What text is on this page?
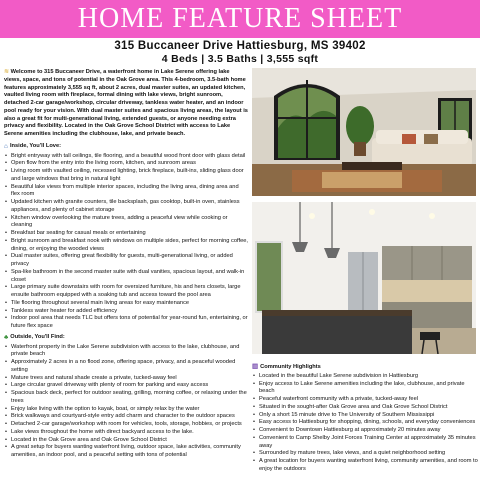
HOME FEATURE SHEET
315 Buccaneer Drive Hattiesburg, MS 39402
4 Beds | 3.5 Baths | 3,555 sqft

≋ Welcome to 315 Buccaneer Drive, a waterfront home in Lake Serene offering lake views, space, and tons of potential in the Oak Grove area. This 4-bedroom, 3.5-bath home features approximately 3,555 sq ft, about 2 acres, dual master suites, an updated kitchen, vaulted living room with fireplace, formal dining with lake views, bright sunroom, detached 2-car garage/workshop, circular driveway, tankless water heater, and an indoor pool ready for your vision. With dual master suites and spacious living areas, the layout is also a great fit for multi-generational living, extended guests, or anyone needing extra privacy and flexibility. Located in the Oak Grove School District with access to Lake Serene amenities including the clubhouse, lake, and private beach.

⌂ Inside, You'll Love:
• Bright entryway with tall ceilings, tile flooring, and a beautiful wood front door with glass detail
• Open flow from the entry into the living room, kitchen, and sunroom areas
• Living room with vaulted ceiling, recessed lighting, brick fireplace, built-ins, sliding glass door and large windows that bring in natural light
• Beautiful lake views from multiple interior spaces, including the living area, dining area and flex room
• Updated kitchen with granite counters, tile backsplash, gas cooktop, built-in oven, stainless appliances, and plenty of cabinet storage
• Kitchen window overlooking the mature trees, adding a peaceful view while cooking or cleaning
• Breakfast bar seating for casual meals or entertaining
• Bright sunroom and breakfast nook with windows on multiple sides, perfect for morning coffee, dining, or enjoying the wooded views
• Dual master suites, offering great flexibility for guests, multi-generational living, or added privacy
• Spa-like bathroom in the second master suite with dual vanities, spacious layout, and walk-in closet
• Large primary suite downstairs with room for oversized furniture, his and hers closets, large ensuite bathroom equipped with a soaking tub and access toward the pool area
• Tile flooring throughout several main living areas for easy maintenance
• Tankless water heater for added efficiency
• Indoor pool area that needs TLC but offers tons of potential for year-round fun, entertaining, or future flex space
♣ Outside, You'll Find:
• Waterfront property in the Lake Serene subdivision with access to the lake, clubhouse, and private beach
• Approximately 2 acres in a no flood zone, offering space, privacy, and a peaceful wooded setting
• Mature trees and natural shade create a private, tucked-away feel
• Large circular gravel driveway with plenty of room for parking and easy access
• Spacious back deck, perfect for outdoor seating, grilling, morning coffee, or relaxing under the trees
• Enjoy lake living with the option to kayak, boat, or simply relax by the water
• Brick walkways and courtyard-style entry add charm and character to the outdoor spaces
• Detached 2-car garage/workshop with room for vehicles, tools, storage, hobbies, or projects
• Lake views throughout the home with direct backyard access to the lake.
• Located in the Oak Grove area and Oak Grove School District
• A great setup for buyers wanting waterfront living, outdoor space, lake activities, community amenities, an indoor pool, and a peaceful setting with tons of potential
▥ Community Highlights
• Located in the beautiful Lake Serene subdivision in Hattiesburg
• Enjoy access to Lake Serene amenities including the lake, clubhouse, and private beach
• Peaceful waterfront community with a private, tucked-away feel
• Situated in the sought-after Oak Grove area and Oak Grove School District
• Only a short 15 minute drive to The University of Southern Mississippi
• Easy access to Hattiesburg for shopping, dining, schools, and everyday conveniences
• Convenient to Downtown Hattiesburg at approximately 20 minutes away
• Convenient to Camp Shelby Joint Forces Training Center at approximately 35 minutes away
• Surrounded by mature trees, lake views, and a quiet neighborhood setting
• A great location for buyers wanting waterfront living, community amenities, and room to enjoy the outdoors
